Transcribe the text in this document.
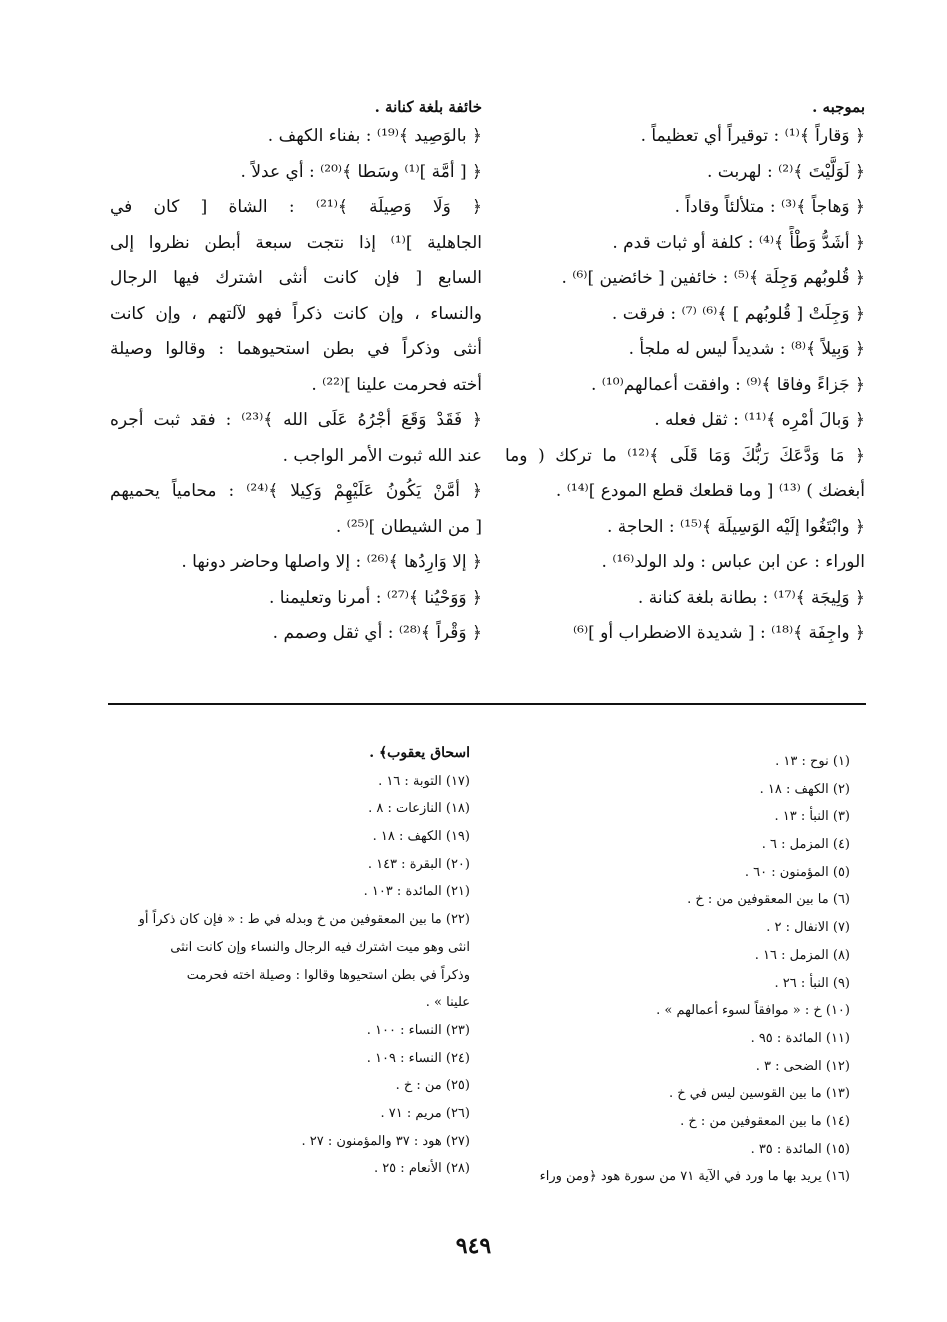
بموجبه .
﴿ وَقاراً ﴾⁽¹⁾ : توقيراً أي تعظيماً .
﴿ لَوَلَّيْتَ ﴾⁽²⁾ : لهربت .
﴿ وَهاجاً ﴾⁽³⁾ : متلألئاً وقاداً .
﴿ أشَدُّ وَطْأً ﴾⁽⁴⁾ : كلفة أو ثبات قدم .
﴿ قُلوبُهم وَجِلَة ﴾⁽⁵⁾ : خائفين [ خائضين ]⁽⁶⁾ .
﴿ وَجِلَتْ [ قُلوبُهم ] ﴾⁽⁶⁾ ⁽⁷⁾ : فرقت .
﴿ وَبِيلاً ﴾⁽⁸⁾ : شديداً ليس له ملجأ .
﴿ جَزاءً وفاقا ﴾⁽⁹⁾ : وافقت أعمالهم⁽¹⁰⁾ .
﴿ وَبالَ أمْرِه ﴾⁽¹¹⁾ : ثقل فعله .
﴿ مَا وَدَّعَكَ رَبُّكَ وَمَا قَلَى ﴾⁽¹²⁾ ما تركك ( وما
أبغضك ) ⁽¹³⁾ [ وما قطعك قطع المودع ]⁽¹⁴⁾ .
﴿ وابْتَغُوا إلَيْه الوَسِيلَة ﴾⁽¹⁵⁾ : الحاجة .
الوراء : عن ابن عباس : ولد الولد⁽¹⁶⁾ .
﴿ وَلِيجَة ﴾⁽¹⁷⁾ : بطانة بلغة كنانة .
﴿ واجِفَة ﴾⁽¹⁸⁾ : [ شديدة الاضطراب أو ]⁽⁶⁾
خائفة بلغة كنانة .
﴿ بالوَصِيد ﴾⁽¹⁹⁾ : بفناء الكهف .
﴿ [ أمَّة ]⁽¹⁾ وسَطا ﴾⁽²⁰⁾ : أي عدلاً .
﴿ وَلَا وَصِيلَة ﴾⁽²¹⁾ : الشاة [ كان في
الجاهلية ]⁽¹⁾ إذا نتجت سبعة أبطن نظروا إلى
السابع [ فإن كانت أنثى اشترك فيها الرجال
والنساء ، وإن كانت ذكراً فهو لآلتهم ، وإن كانت
أنثى وذكراً في بطن استحيوهما : وقالوا وصيلة
أخته فحرمت علينا ]⁽²²⁾ .
﴿ فَقَدْ وَقَعَ أجْرُهُ عَلَى الله ﴾⁽²³⁾ : فقد ثبت أجره
عند الله ثبوت الأمر الواجب .
﴿ أمَّنْ يَكُونُ عَلَيْهِمْ وَكِيلا ﴾⁽²⁴⁾ : محامياً يحميهم
[ من الشيطان ]⁽²⁵⁾ .
﴿ إلا وَارِدُها ﴾⁽²⁶⁾ : إلا واصلها وحاضر دونها .
﴿ وَوَحْيُنا ﴾⁽²⁷⁾ : أمرنا وتعليمنا .
﴿ وَقْراً ﴾⁽²⁸⁾ : أي ثقل وصمم .
(١) نوح : ١٣ .
(٢) الكهف : ١٨ .
(٣) النبأ : ١٣ .
(٤) المزمل : ٦ .
(٥) المؤمنون : ٦٠ .
(٦) ما بين المعقوفين من : خ .
(٧) الانفال : ٢ .
(٨) المزمل : ١٦ .
(٩) النبأ : ٢٦ .
(١٠) خ : « موافقاً لسوء أعمالهم » .
(١١) المائدة : ٩٥ .
(١٢) الضحى : ٣ .
(١٣) ما بين القوسين ليس في خ .
(١٤) ما بين المعقوفين من : خ .
(١٥) المائدة : ٣٥ .
(١٦) يريد بها ما ورد في الآية ٧١ من سورة هود ﴿ومن وراء
اسحاق يعقوب﴾ .
(١٧) التوبة : ١٦ .
(١٨) النازعات : ٨ .
(١٩) الكهف : ١٨ .
(٢٠) البقرة : ١٤٣ .
(٢١) المائدة : ١٠٣ .
(٢٢) ما بين المعقوفين من خ وبدله في ط : « فإن كان ذكراً أو
انثى وهو ميت اشترك فيه الرجال والنساء وإن كانت انثى
وذكراً في بطن استحيوها وقالوا : وصيلة اخته فحرمت
علينا » .
(٢٣) النساء : ١٠٠ .
(٢٤) النساء : ١٠٩ .
(٢٥) من : خ .
(٢٦) مريم : ٧١ .
(٢٧) هود : ٣٧ والمؤمنون : ٢٧ .
(٢٨) الأنعام : ٢٥ .
٩٤٩
